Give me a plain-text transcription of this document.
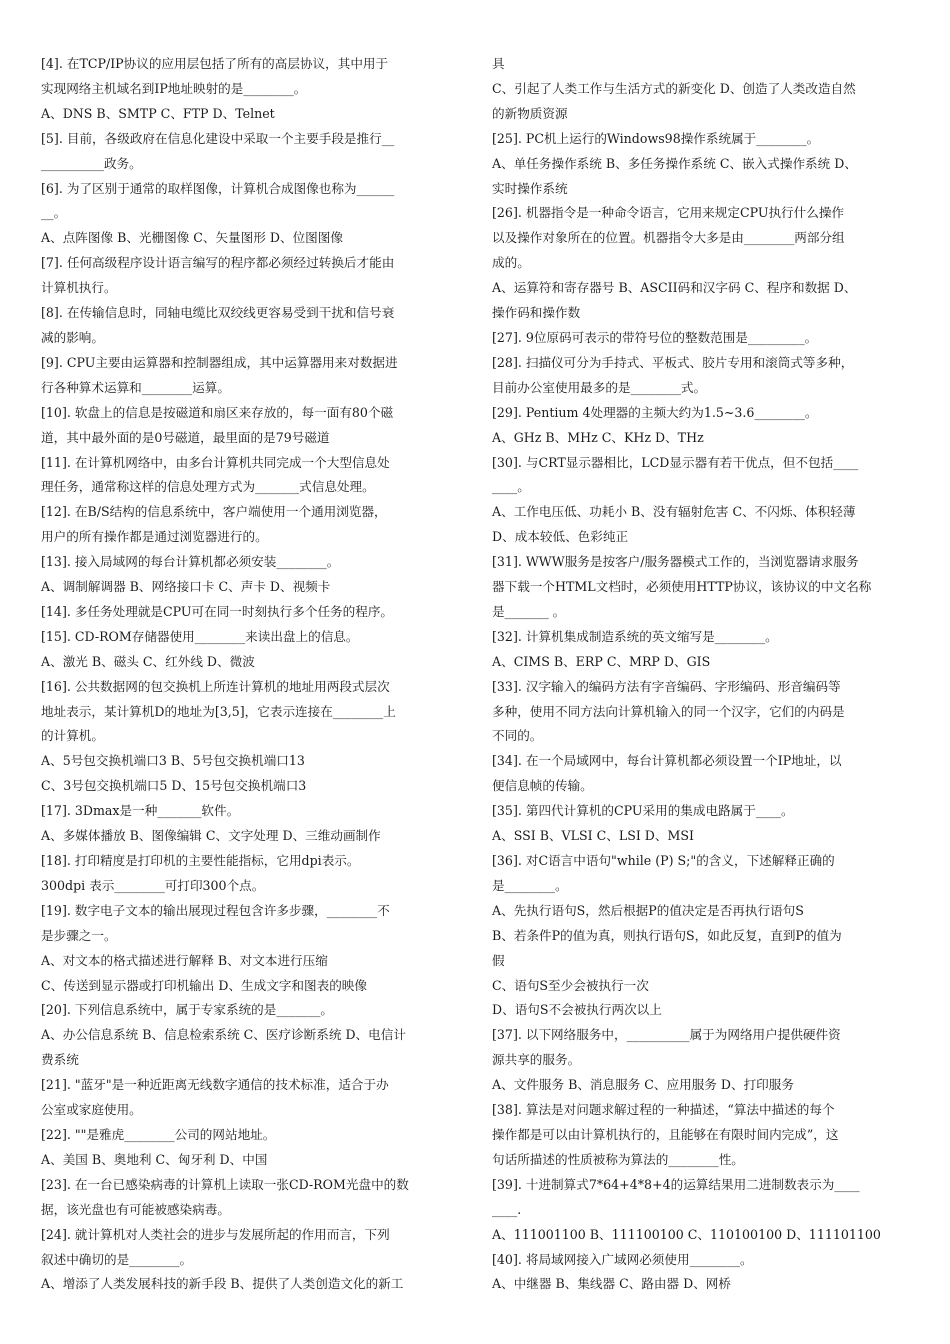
[4]. 在TCP/IP协议的应用层包括了所有的高层协议，其中用于
实现网络主机域名到IP地址映射的是________。
A、DNS B、SMTP C、FTP D、Telnet
[5]. 目前，各级政府在信息化建设中采取一个主要手段是推行__
__________政务。
[6]. 为了区别于通常的取样图像，计算机合成图像也称为______
__。
A、点阵图像 B、光栅图像 C、矢量图形 D、位图图像
[7]. 任何高级程序设计语言编写的程序都必须经过转换后才能由
计算机执行。
[8]. 在传输信息时，同轴电缆比双绞线更容易受到干扰和信号衰
减的影响。
[9]. CPU主要由运算器和控制器组成，其中运算器用来对数据进
行各种算术运算和________运算。
[10]. 软盘上的信息是按磁道和扇区来存放的，每一面有80个磁
道，其中最外面的是0号磁道，最里面的是79号磁道
[11]. 在计算机网络中，由多台计算机共同完成一个大型信息处
理任务，通常称这样的信息处理方式为_______式信息处理。
[12]. 在B/S结构的信息系统中，客户端使用一个通用浏览器，
用户的所有操作都是通过浏览器进行的。
[13]. 接入局域网的每台计算机都必须安装________。
A、调制解调器 B、网络接口卡 C、声卡 D、视频卡
[14]. 多任务处理就是CPU可在同一时刻执行多个任务的程序。
[15]. CD-ROM存储器使用________来读出盘上的信息。
A、激光 B、磁头 C、红外线 D、微波
[16]. 公共数据网的包交换机上所连计算机的地址用两段式层次
地址表示，某计算机D的地址为[3,5]，它表示连接在________上
的计算机。
A、5号包交换机端口3 B、5号包交换机端口13
C、3号包交换机端口5 D、15号包交换机端口3
[17]. 3Dmax是一种_______软件。
A、多媒体播放 B、图像编辑 C、文字处理 D、三维动画制作
[18]. 打印精度是打印机的主要性能指标，它用dpi表示。
300dpi 表示________可打印300个点。
[19]. 数字电子文本的输出展现过程包含许多步骤，________不
是步骤之一。
A、对文本的格式描述进行解释 B、对文本进行压缩
C、传送到显示器或打印机输出 D、生成文字和图表的映像
[20]. 下列信息系统中，属于专家系统的是_______。
A、办公信息系统 B、信息检索系统 C、医疗诊断系统 D、电信计
费系统
[21]. "蓝牙"是一种近距离无线数字通信的技术标准，适合于办
公室或家庭使用。
[22]. ""是雅虎________公司的网站地址。
A、美国 B、奥地利 C、匈牙利 D、中国
[23]. 在一台已感染病毒的计算机上读取一张CD-ROM光盘中的数
据，该光盘也有可能被感染病毒。
[24]. 就计算机对人类社会的进步与发展所起的作用而言，下列
叙述中确切的是________。
A、增添了人类发展科技的新手段 B、提供了人类创造文化的新工
具
C、引起了人类工作与生活方式的新变化 D、创造了人类改造自然
的新物质资源
[25]. PC机上运行的Windows98操作系统属于________。
A、单任务操作系统 B、多任务操作系统 C、嵌入式操作系统 D、
实时操作系统
[26]. 机器指令是一种命令语言，它用来规定CPU执行什么操作
以及操作对象所在的位置。机器指令大多是由________两部分组
成的。
A、运算符和寄存器号 B、ASCII码和汉字码 C、程序和数据 D、
操作码和操作数
[27]. 9位原码可表示的带符号位的整数范围是_________。
[28]. 扫描仪可分为手持式、平板式、胶片专用和滚筒式等多种，
目前办公室使用最多的是________式。
[29]. Pentium 4处理器的主频大约为1.5~3.6________。
A、GHz B、MHz C、KHz D、THz
[30]. 与CRT显示器相比，LCD显示器有若干优点，但不包括____
____。
A、工作电压低、功耗小 B、没有辐射危害 C、不闪烁、体积轻薄
D、成本较低、色彩纯正
[31]. WWW服务是按客户/服务器模式工作的，当浏览器请求服务
器下载一个HTML文档时，必须使用HTTP协议，该协议的中文名称
是_______ 。
[32]. 计算机集成制造系统的英文缩写是________。
A、CIMS B、ERP C、MRP D、GIS
[33]. 汉字输入的编码方法有字音编码、字形编码、形音编码等
多种，使用不同方法向计算机输入的同一个汉字，它们的内码是
不同的。
[34]. 在一个局域网中，每台计算机都必须设置一个IP地址，以
便信息帧的传输。
[35]. 第四代计算机的CPU采用的集成电路属于____。
A、SSI B、VLSI C、LSI D、MSI
[36]. 对C语言中语句"while (P) S;"的含义，下述解释正确的
是________。
A、先执行语句S，然后根据P的值决定是否再执行语句S
B、若条件P的值为真，则执行语句S，如此反复，直到P的值为
假
C、语句S至少会被执行一次
D、语句S不会被执行两次以上
[37]. 以下网络服务中，__________属于为网络用户提供硬件资
源共享的服务。
A、文件服务 B、消息服务 C、应用服务 D、打印服务
[38]. 算法是对问题求解过程的一种描述，“算法中描述的每个
操作都是可以由计算机执行的，且能够在有限时间内完成”，这
句话所描述的性质被称为算法的________性。
[39]. 十进制算式7*64+4*8+4的运算结果用二进制数表示为____
____.
A、111001100 B、111100100 C、110100100 D、111101100
[40]. 将局域网接入广域网必须使用________。
A、中继器 B、集线器 C、路由器 D、网桥
